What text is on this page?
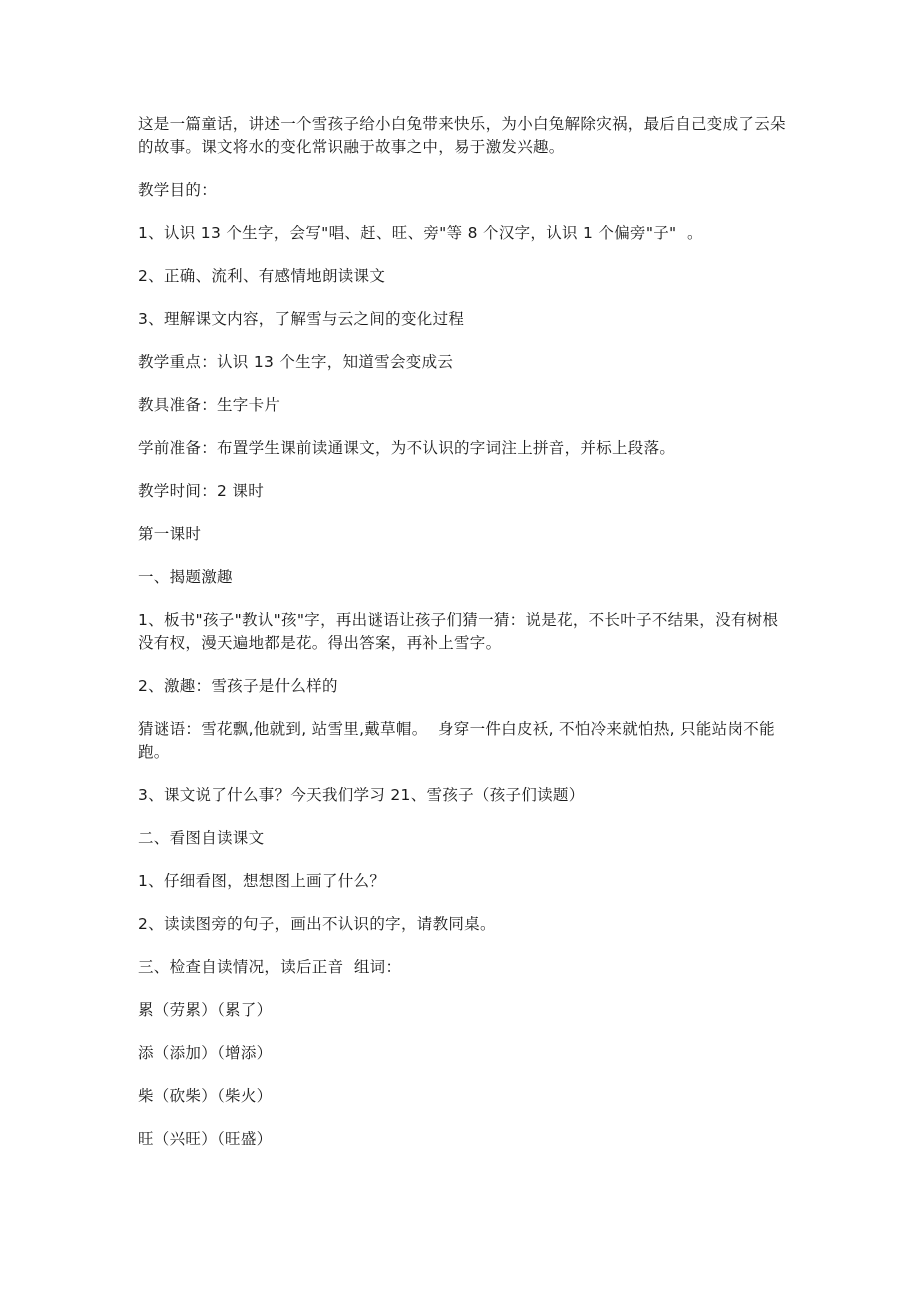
这是一篇童话，讲述一个雪孩子给小白兔带来快乐，为小白兔解除灾祸，最后自己变成了云朵的故事。课文将水的变化常识融于故事之中，易于激发兴趣。

教学目的：

1、认识 13 个生字，会写"唱、赶、旺、旁"等 8 个汉字，认识 1 个偏旁"子"  。

2、正确、流利、有感情地朗读课文

3、理解课文内容，了解雪与云之间的变化过程

教学重点：认识 13 个生字，知道雪会变成云

教具准备：生字卡片

学前准备：布置学生课前读通课文，为不认识的字词注上拼音，并标上段落。

教学时间：2 课时

第一课时

一、揭题激趣

1、板书"孩子"教认"孩"字，再出谜语让孩子们猜一猜：说是花，不长叶子不结果，没有树根没有杈，漫天遍地都是花。得出答案，再补上雪字。

2、激趣：雪孩子是什么样的

猜谜语：雪花飘,他就到, 站雪里,戴草帽。  身穿一件白皮袄, 不怕冷来就怕热, 只能站岗不能跑。

3、课文说了什么事？今天我们学习 21、雪孩子（孩子们读题）

二、看图自读课文

1、仔细看图，想想图上画了什么？

2、读读图旁的句子，画出不认识的字，请教同桌。

三、检查自读情况，读后正音  组词：

累（劳累）（累了）

添（添加）（增添）

柴（砍柴）（柴火）

旺（兴旺）（旺盛）
